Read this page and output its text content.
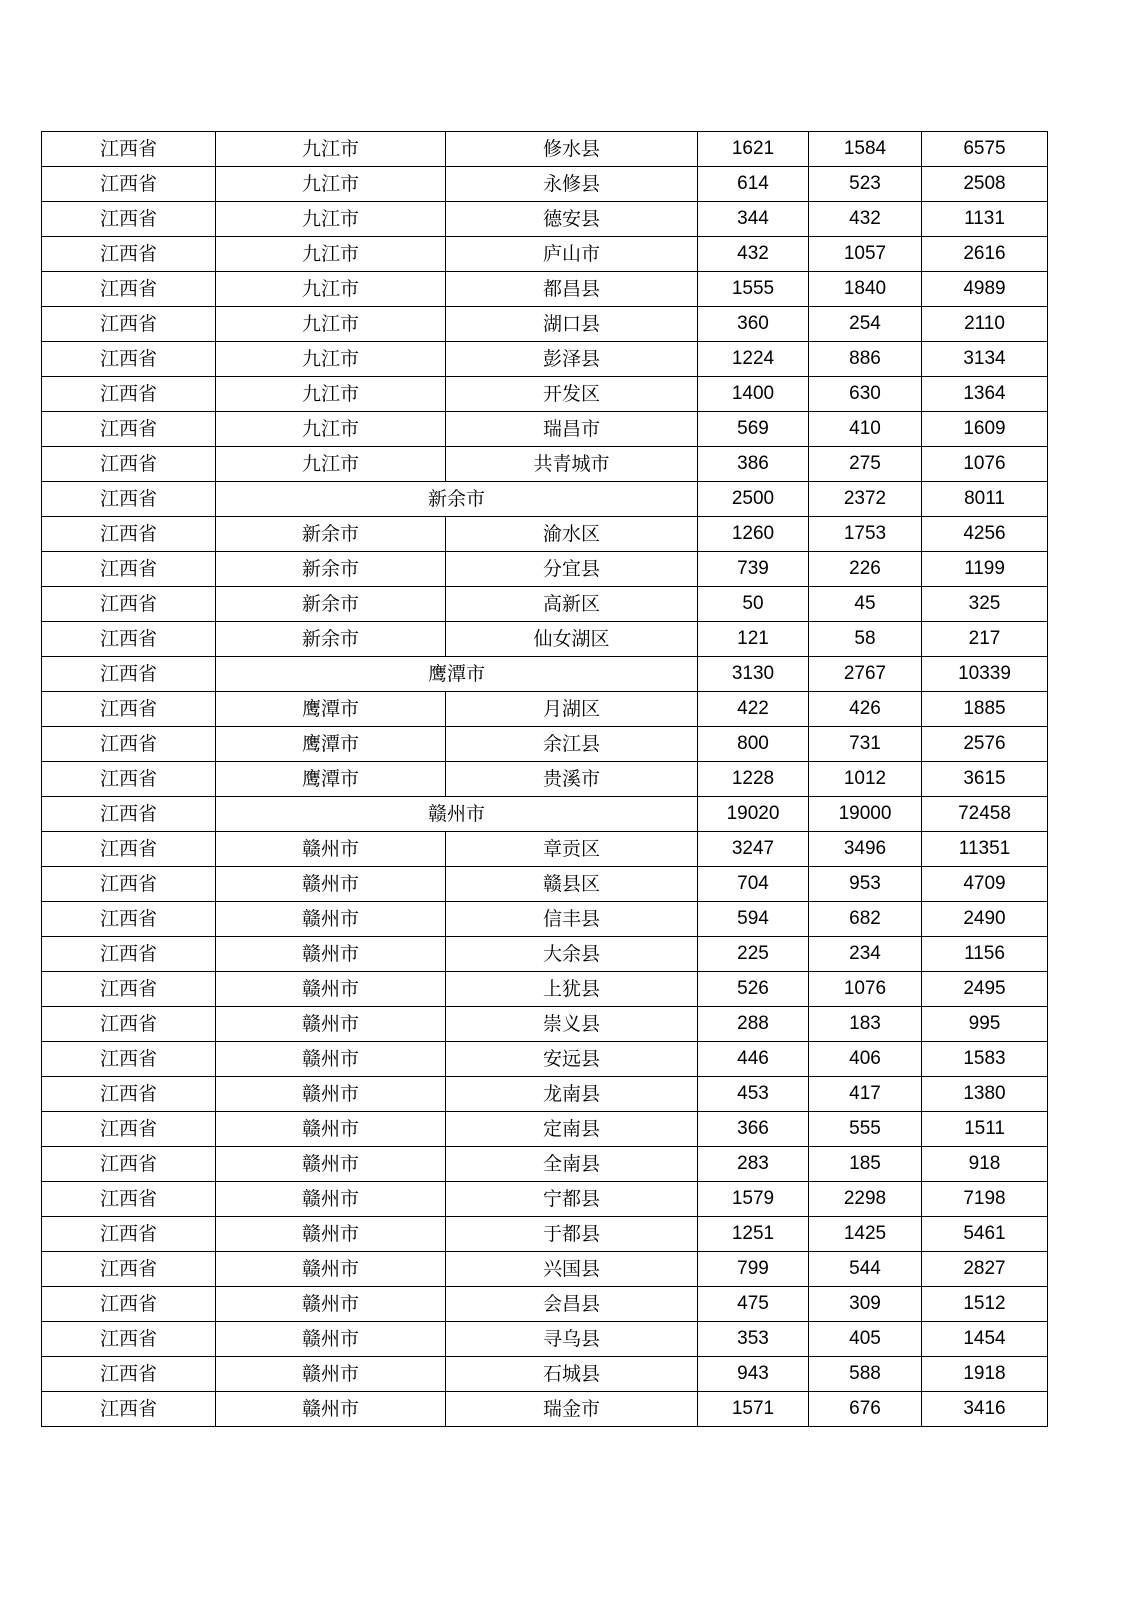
江西省	九江市	修水县	1621	1584	6575
江西省	九江市	永修县	614	523	2508
江西省	九江市	德安县	344	432	1131
江西省	九江市	庐山市	432	1057	2616
江西省	九江市	都昌县	1555	1840	4989
江西省	九江市	湖口县	360	254	2110
江西省	九江市	彭泽县	1224	886	3134
江西省	九江市	开发区	1400	630	1364
江西省	九江市	瑞昌市	569	410	1609
江西省	九江市	共青城市	386	275	1076
江西省	新余市		2500	2372	8011
江西省	新余市	渝水区	1260	1753	4256
江西省	新余市	分宜县	739	226	1199
江西省	新余市	高新区	50	45	325
江西省	新余市	仙女湖区	121	58	217
江西省	鹰潭市		3130	2767	10339
江西省	鹰潭市	月湖区	422	426	1885
江西省	鹰潭市	余江县	800	731	2576
江西省	鹰潭市	贵溪市	1228	1012	3615
江西省	赣州市		19020	19000	72458
江西省	赣州市	章贡区	3247	3496	11351
江西省	赣州市	赣县区	704	953	4709
江西省	赣州市	信丰县	594	682	2490
江西省	赣州市	大余县	225	234	1156
江西省	赣州市	上犹县	526	1076	2495
江西省	赣州市	崇义县	288	183	995
江西省	赣州市	安远县	446	406	1583
江西省	赣州市	龙南县	453	417	1380
江西省	赣州市	定南县	366	555	1511
江西省	赣州市	全南县	283	185	918
江西省	赣州市	宁都县	1579	2298	7198
江西省	赣州市	于都县	1251	1425	5461
江西省	赣州市	兴国县	799	544	2827
江西省	赣州市	会昌县	475	309	1512
江西省	赣州市	寻乌县	353	405	1454
江西省	赣州市	石城县	943	588	1918
江西省	赣州市	瑞金市	1571	676	3416
